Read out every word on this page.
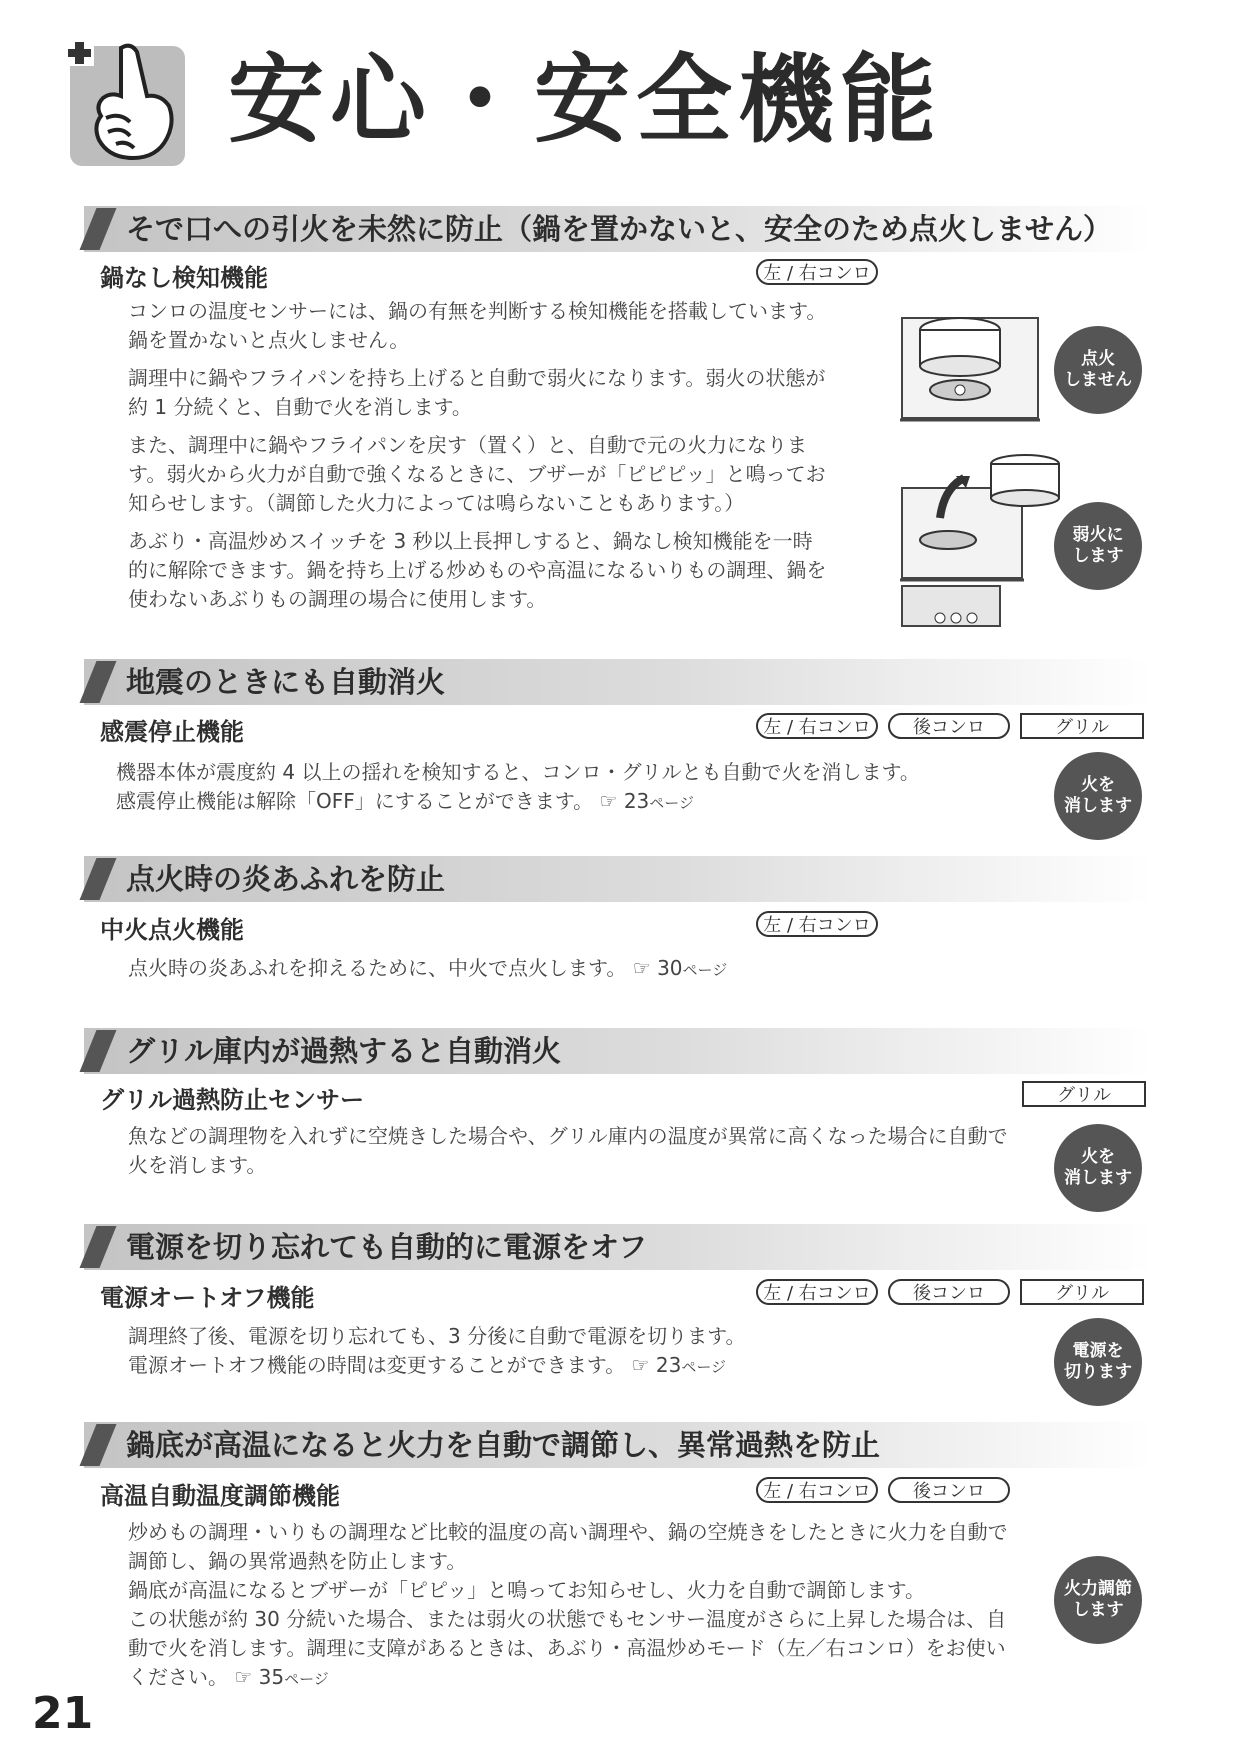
安心・安全機能
そで口への引火を未然に防止（鍋を置かないと、安全のため点火しません）
鍋なし検知機能	左 / 右コンロ

コンロの温度センサーには、鍋の有無を判断する検知機能を搭載しています。鍋を置かないと点火しません。

調理中に鍋やフライパンを持ち上げると自動で弱火になります。弱火の状態が約 1 分続くと、自動で火を消します。

また、調理中に鍋やフライパンを戻す（置く）と、自動で元の火力になります。弱火から火力が自動で強くなるときに、ブザーが「ピピピッ」と鳴ってお知らせします。（調節した火力によっては鳴らないこともあります。）

あぶり・高温炒めスイッチを 3 秒以上長押しすると、鍋なし検知機能を一時的に解除できます。鍋を持ち上げる炒めものや高温になるいりもの調理、鍋を使わないあぶりもの調理の場合に使用します。

点火
しません
弱火に
します
地震のときにも自動消火
感震停止機能	左 / 右コンロ	後コンロ	グリル
機器本体が震度約 4 以上の揺れを検知すると、コンロ・グリルとも自動で火を消します。
感震停止機能は解除「OFF」にすることができます。 ☞ 23ページ
火を
消します
点火時の炎あふれを防止
中火点火機能	左 / 右コンロ
点火時の炎あふれを抑えるために、中火で点火します。 ☞ 30ページ
グリル庫内が過熱すると自動消火
グリル過熱防止センサー	グリル
魚などの調理物を入れずに空焼きした場合や、グリル庫内の温度が異常に高くなった場合に自動で火を消します。	火を
消します
電源を切り忘れても自動的に電源をオフ
電源オートオフ機能	左 / 右コンロ	後コンロ	グリル
調理終了後、電源を切り忘れても、3 分後に自動で電源を切ります。
電源オートオフ機能の時間は変更することができます。 ☞ 23ページ
電源を
切ります
鍋底が高温になると火力を自動で調節し、異常過熱を防止
高温自動温度調節機能	左 / 右コンロ	後コンロ
炒めもの調理・いりもの調理など比較的温度の高い調理や、鍋の空焼きをしたときに火力を自動で調節し、鍋の異常過熱を防止します。
鍋底が高温になるとブザーが「ピピッ」と鳴ってお知らせし、火力を自動で調節します。
この状態が約 30 分続いた場合、または弱火の状態でもセンサー温度がさらに上昇した場合は、自動で火を消します。調理に支障があるときは、あぶり・高温炒めモード（左／右コンロ）をお使いください。 ☞ 35ページ
火力調節
します
21
